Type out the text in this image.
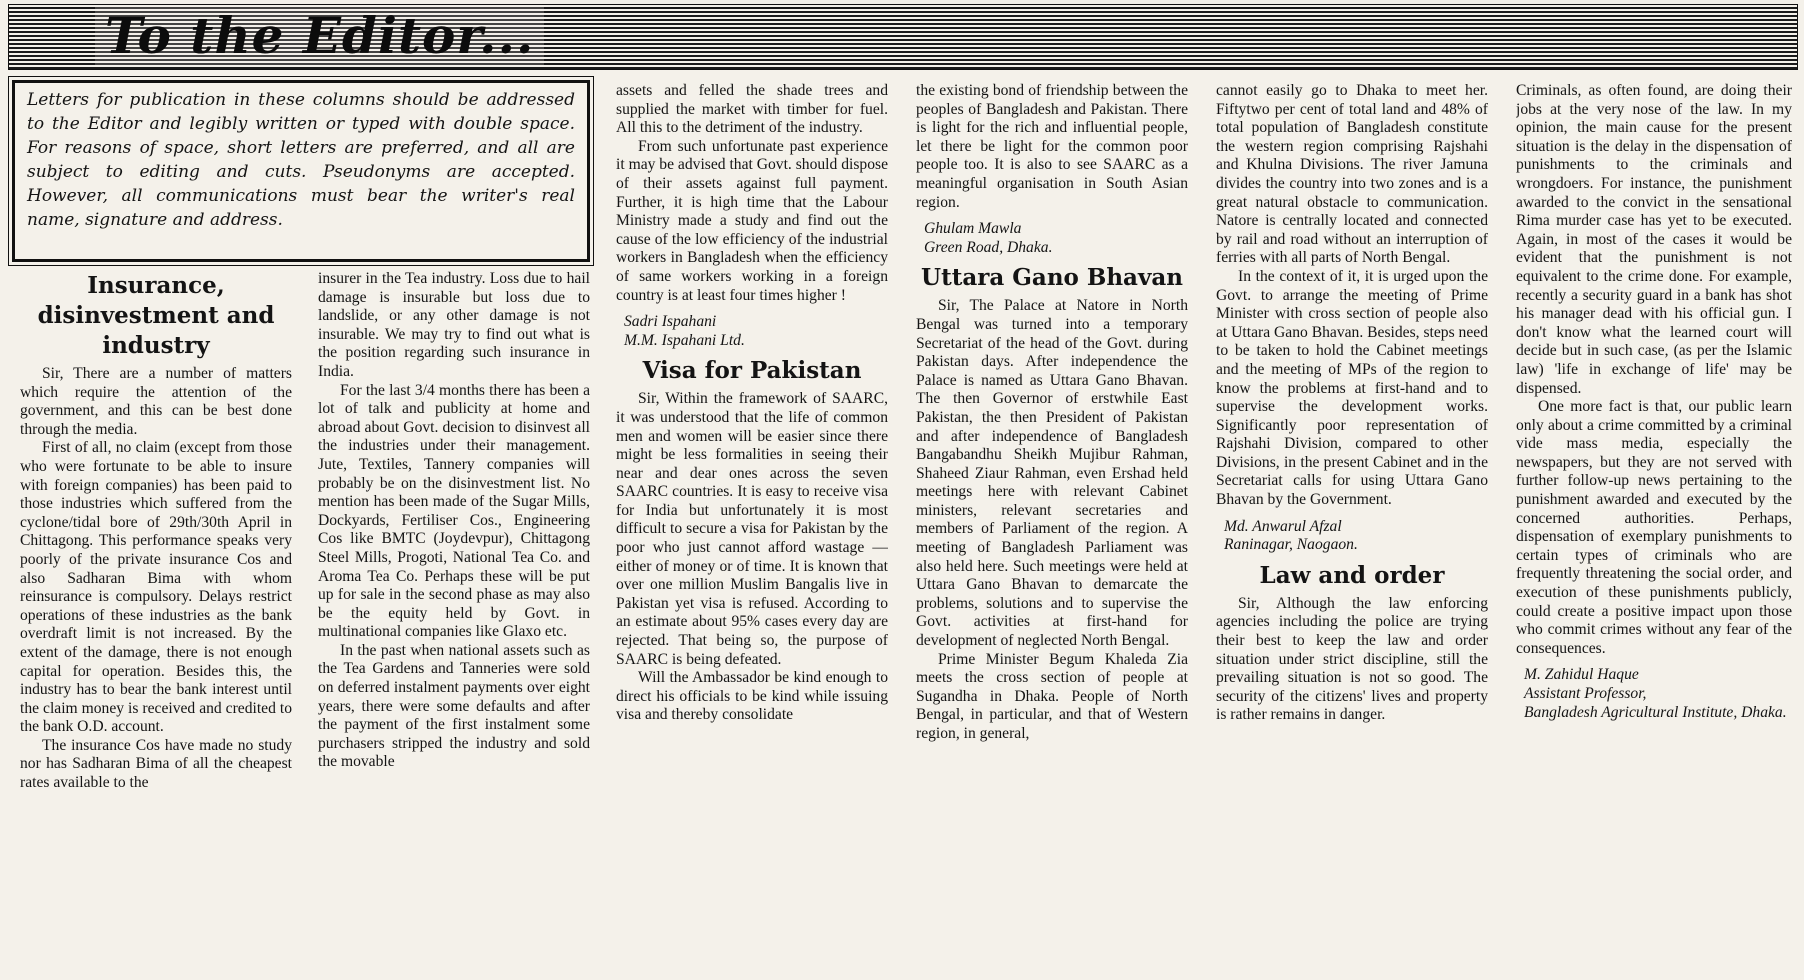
To the Editor...
Letters for publication in these columns should be addressed to the Editor and legibly written or typed with double space. For reasons of space, short letters are preferred, and all are subject to editing and cuts. Pseudonyms are accepted. However, all communications must bear the writer's real name, signature and address.
Insurance, disinvestment and industry

Sir, There are a number of matters which require the attention of the government, and this can be best done through the media.

First of all, no claim (except from those who were fortunate to be able to insure with foreign companies) has been paid to those industries which suffered from the cyclone/tidal bore of 29th/30th April in Chittagong. This performance speaks very poorly of the private insurance Cos and also Sadharan Bima with whom reinsurance is compulsory. Delays restrict operations of these industries as the bank overdraft limit is not increased. By the extent of the damage, there is not enough capital for operation. Besides this, the industry has to bear the bank interest until the claim money is received and credited to the bank O.D. account.

The insurance Cos have made no study nor has Sadharan Bima of all the cheapest rates available to the

insurer in the Tea industry. Loss due to hail damage is insurable but loss due to landslide, or any other damage is not insurable. We may try to find out what is the position regarding such insurance in India.

For the last 3/4 months there has been a lot of talk and publicity at home and abroad about Govt. decision to disinvest all the industries under their management. Jute, Textiles, Tannery companies will probably be on the disinvestment list. No mention has been made of the Sugar Mills, Dockyards, Fertiliser Cos., Engineering Cos like BMTC (Joydevpur), Chittagong Steel Mills, Progoti, National Tea Co. and Aroma Tea Co. Perhaps these will be put up for sale in the second phase as may also be the equity held by Govt. in multinational companies like Glaxo etc.

In the past when national assets such as the Tea Gardens and Tanneries were sold on deferred instalment payments over eight years, there were some defaults and after the payment of the first instalment some purchasers stripped the industry and sold the movable

assets and felled the shade trees and supplied the market with timber for fuel. All this to the detriment of the industry.

From such unfortunate past experience it may be advised that Govt. should dispose of their assets against full payment. Further, it is high time that the Labour Ministry made a study and find out the cause of the low efficiency of the industrial workers in Bangladesh when the efficiency of same workers working in a foreign country is at least four times higher !

Sadri Ispahani

M.M. Ispahani Ltd.

Visa for Pakistan

Sir, Within the framework of SAARC, it was understood that the life of common men and women will be easier since there might be less formalities in seeing their near and dear ones across the seven SAARC countries. It is easy to receive visa for India but unfortunately it is most difficult to secure a visa for Pakistan by the poor who just cannot afford wastage — either of money or of time. It is known that over one million Muslim Bangalis live in Pakistan yet visa is refused. According to an estimate about 95% cases every day are rejected. That being so, the purpose of SAARC is being defeated.

Will the Ambassador be kind enough to direct his officials to be kind while issuing visa and thereby consolidate

the existing bond of friendship between the peoples of Bangladesh and Pakistan. There is light for the rich and influential people, let there be light for the common poor people too. It is also to see SAARC as a meaningful organisation in South Asian region.

Ghulam Mawla

Green Road, Dhaka.

Uttara Gano Bhavan

Sir, The Palace at Natore in North Bengal was turned into a temporary Secretariat of the head of the Govt. during Pakistan days. After independence the Palace is named as Uttara Gano Bhavan. The then Governor of erstwhile East Pakistan, the then President of Pakistan and after independence of Bangladesh Bangabandhu Sheikh Mujibur Rahman, Shaheed Ziaur Rahman, even Ershad held meetings here with relevant Cabinet ministers, relevant secretaries and members of Parliament of the region. A meeting of Bangladesh Parliament was also held here. Such meetings were held at Uttara Gano Bhavan to demarcate the problems, solutions and to supervise the Govt. activities at first-hand for development of neglected North Bengal.

Prime Minister Begum Khaleda Zia meets the cross section of people at Sugandha in Dhaka. People of North Bengal, in particular, and that of Western region, in general,

cannot easily go to Dhaka to meet her. Fiftytwo per cent of total land and 48% of total population of Bangladesh constitute the western region comprising Rajshahi and Khulna Divisions. The river Jamuna divides the country into two zones and is a great natural obstacle to communication. Natore is centrally located and connected by rail and road without an interruption of ferries with all parts of North Bengal.

In the context of it, it is urged upon the Govt. to arrange the meeting of Prime Minister with cross section of people also at Uttara Gano Bhavan. Besides, steps need to be taken to hold the Cabinet meetings and the meeting of MPs of the region to know the problems at first-hand and to supervise the development works. Significantly poor representation of Rajshahi Division, compared to other Divisions, in the present Cabinet and in the Secretariat calls for using Uttara Gano Bhavan by the Government.

Md. Anwarul Afzal

Raninagar, Naogaon.

Law and order

Sir, Although the law enforcing agencies including the police are trying their best to keep the law and order situation under strict discipline, still the prevailing situation is not so good. The security of the citizens' lives and property is rather remains in danger.

Criminals, as often found, are doing their jobs at the very nose of the law. In my opinion, the main cause for the present situation is the delay in the dispensation of punishments to the criminals and wrongdoers. For instance, the punishment awarded to the convict in the sensational Rima murder case has yet to be executed. Again, in most of the cases it would be evident that the punishment is not equivalent to the crime done. For example, recently a security guard in a bank has shot his manager dead with his official gun. I don't know what the learned court will decide but in such case, (as per the Islamic law) 'life in exchange of life' may be dispensed.

One more fact is that, our public learn only about a crime committed by a criminal vide mass media, especially the newspapers, but they are not served with further follow-up news pertaining to the punishment awarded and executed by the concerned authorities. Perhaps, dispensation of exemplary punishments to certain types of criminals who are frequently threatening the social order, and execution of these punishments publicly, could create a positive impact upon those who commit crimes without any fear of the consequences.

M. Zahidul Haque

Assistant Professor,

Bangladesh Agricultural Institute, Dhaka.
